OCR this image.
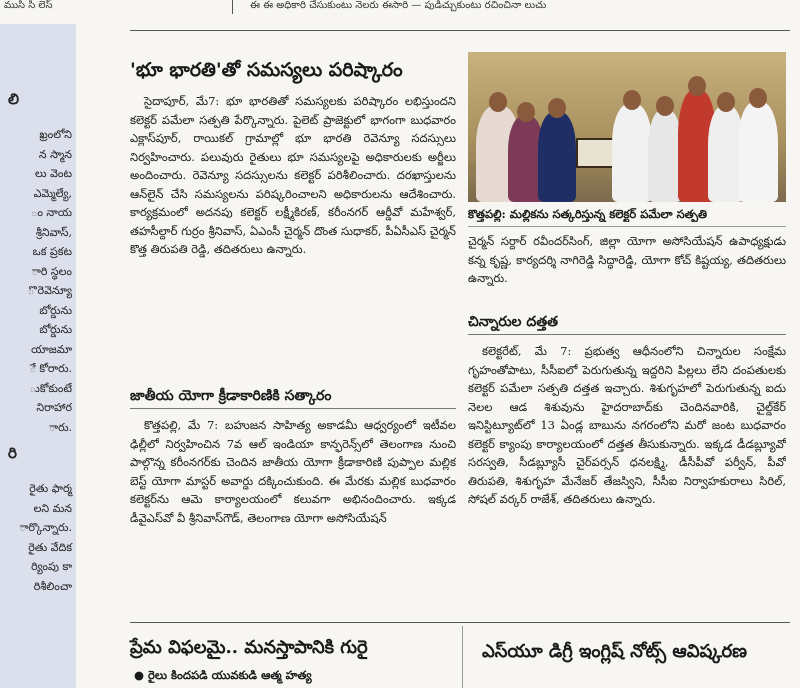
ముసి సి లెస్	ఈ ఈ అధికారి చేసుకుంటు నెలరు ఈసారి — పుడిచ్చుకుంటు రచించినా లుచు
లి
ఖ్రంలోని
న స్మాన
లు వెంట
ఎమ్మెల్యే,
ం నాయ
శ్రీనివాస్,
ఒక ప్రకట
ారి స్థలం
ొ రెవెన్యూ
బోర్డును
బోర్డును
యాజమా
ే కోరారు.
ుకోకుంటే
నిరాహార
ారు.
రి
రైతు ఫార్మ
లని మన
ార్కొన్నారు.
రైతు వేదిక
ర్యింపు కా
రిశీలించా
'భూ భారతి'తో సమస్యలు పరిష్కారం
సైదాపూర్, మే7: భూ భారతితో సమస్యలకు పరిష్కారం లభిస్తుందని కలెక్టర్ పమేలా సత్పతి పేర్కొన్నారు. పైలెట్ ప్రాజెక్టులో భాగంగా బుధవారం ఎక్లాస్‌పూర్, రాయికల్ గ్రామాల్లో భూ భారతి రెవెన్యూ సదస్సులు నిర్వహించారు. పలువురు రైతులు భూ సమస్యలపై అధికారులకు అర్జీలు అందించారు. రెవెన్యూ సదస్సులను కలెక్టర్ పరిశీలించారు. దరఖాస్తులను ఆన్‌లైన్ చేసి సమస్యలను పరిష్కరించాలని అధికారులను ఆదేశించారు. కార్యక్రమంలో అదనపు కలెక్టర్ లక్ష్మీకిరణ్, కరీంనగర్ ఆర్డీవో మహేశ్వర్, తహసీల్దార్ గుర్రం శ్రీనివాస్, ఏఎంసీ చైర్మన్ దొంత సుధాకర్, పీఏసీఎస్ చైర్మన్ కొత్త తిరుపతి రెడ్డి, తదితరులు ఉన్నారు.
జాతీయ యోగా క్రీడాకారిణికి సత్కారం
కొత్తపల్లి, మే 7: బహుజన సాహిత్య అకాడమీ ఆధ్వర్యంలో ఇటీవల ఢిల్లీలో నిర్వహించిన 7వ ఆల్ ఇండియా కాన్ఫరెన్స్‌లో తెలంగాణ నుంచి పాల్గొన్న కరీంనగర్‌కు చెందిన జాతీయ యోగా క్రీడాకారిణి పుప్పాల మల్లిక బెస్ట్ యోగా మాస్టర్ అవార్డు దక్కించుకుంది. ఈ మేరకు మల్లిక బుధవారం కలెక్టర్‌ను ఆమె కార్యాలయంలో కలువగా అభినందించారు. ఇక్కడ డీవైఎస్‌వో వీ శ్రీనివాస్‌గౌడ్, తెలంగాణ యోగా అసోసియేషన్
కొత్తపల్లి: మల్లికను సత్కరిస్తున్న కలెక్టర్ పమేలా సత్పతి
చైర్మన్ సర్దార్ రవీందర్‌సింగ్, జిల్లా యోగా అసోసియేషన్ ఉపాధ్యక్షుడు కన్న కృష్ణ, కార్యదర్శి నాగిరెడ్డి సిద్ధారెడ్డి, యోగా కోచ్ కిష్టయ్య, తదితరులు ఉన్నారు.
చిన్నారుల దత్తత
కలెక్టరేట్, మే 7: ప్రభుత్వ ఆధీనంలోని చిన్నారుల సంక్షేమ గృహంతోపాటు, సీసీఐలో పెరుగుతున్న ఇద్దరిని పిల్లలు లేని దంపతులకు కలెక్టర్ పమేలా సత్పతి దత్తత ఇచ్చారు. శిశుగృహలో పెరుగుతున్న ఐదు నెలల ఆడ శిశువును హైదరాబాద్‌కు చెందినవారికి, చైల్డ్‌కేర్ ఇనిస్టిట్యూట్‌లో 13 ఏండ్ల బాబును నగరంలోని మరో జంట బుధవారం కలెక్టర్ క్యాంపు కార్యాలయంలో దత్తత తీసుకున్నారు. ఇక్కడ డీడబ్ల్యూవో సరస్వతి, సీడబ్ల్యూసీ చైర్‌పర్సన్ ధనలక్ష్మి, డీసీపీవో పర్వీన్, పీవో తిరుపతి, శిశుగృహ మేనేజర్ తేజస్విని, సీసీఐ నిర్వాహకురాలు సిరిల్, సోషల్ వర్కర్ రాజేశ్, తదితరులు ఉన్నారు.
ప్రేమ విఫలమై.. మనస్తాపానికి గురై
● రైలు కిందపడి యువకుడి ఆత్మ హత్య
ఎస్‌యూ డిగ్రీ ఇంగ్లిష్ నోట్స్ ఆవిష్కరణ
